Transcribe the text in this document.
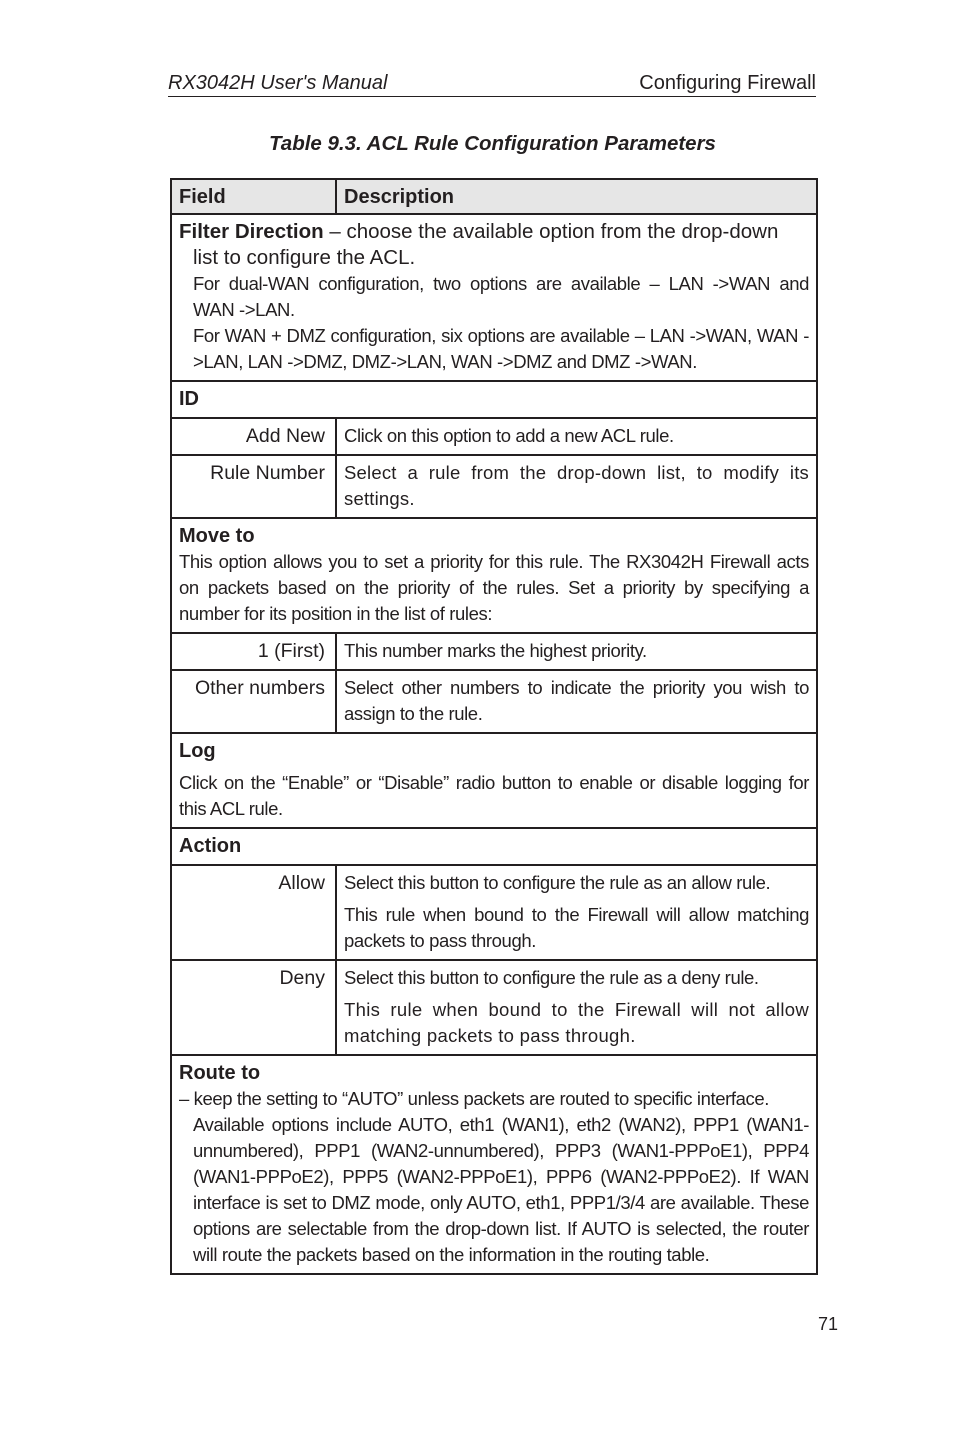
RX3042H User's Manual	Configuring Firewall
Table 9.3. ACL Rule Configuration Parameters
Field	Description

Filter Direction – choose the available option from the drop-down
list to configure the ACL.
For dual-WAN configuration, two options are available – LAN ->WAN and WAN ->LAN.
For WAN + DMZ configuration, six options are available – LAN ->WAN, WAN ->LAN, LAN ->DMZ, DMZ->LAN, WAN ->DMZ and DMZ ->WAN.	

ID	
Add New	Click on this option to add a new ACL rule.
Rule Number	Select a rule from the drop-down list, to modify its settings.

Move to
This option allows you to set a priority for this rule. The RX3042H Firewall acts on packets based on the priority of the rules. Set a priority by specifying a number for its position in the list of rules:	

1 (First)	This number marks the highest priority.
Other numbers	Select other numbers to indicate the priority you wish to assign to the rule.

Log
Click on the “Enable” or “Disable” radio button to enable or disable logging for this ACL rule.	

Action	
Allow	Select this button to configure the rule as an allow rule.
This rule when bound to the Firewall will allow matching packets to pass through.

Deny	Select this button to configure the rule as a deny rule.
This rule when bound to the Firewall will not allow matching packets to pass through.

Route to
– keep the setting to “AUTO” unless packets are routed to specific interface.
Available options include AUTO, eth1 (WAN1), eth2 (WAN2), PPP1 (WAN1-unnumbered), PPP1 (WAN2-unnumbered), PPP3 (WAN1-PPPoE1), PPP4 (WAN1-PPPoE2), PPP5 (WAN2-PPPoE1), PPP6 (WAN2-PPPoE2). If WAN interface is set to DMZ mode, only AUTO, eth1, PPP1/3/4 are available. These options are selectable from the drop-down list. If AUTO is selected, the router will route the packets based on the information in the routing table.	
71
